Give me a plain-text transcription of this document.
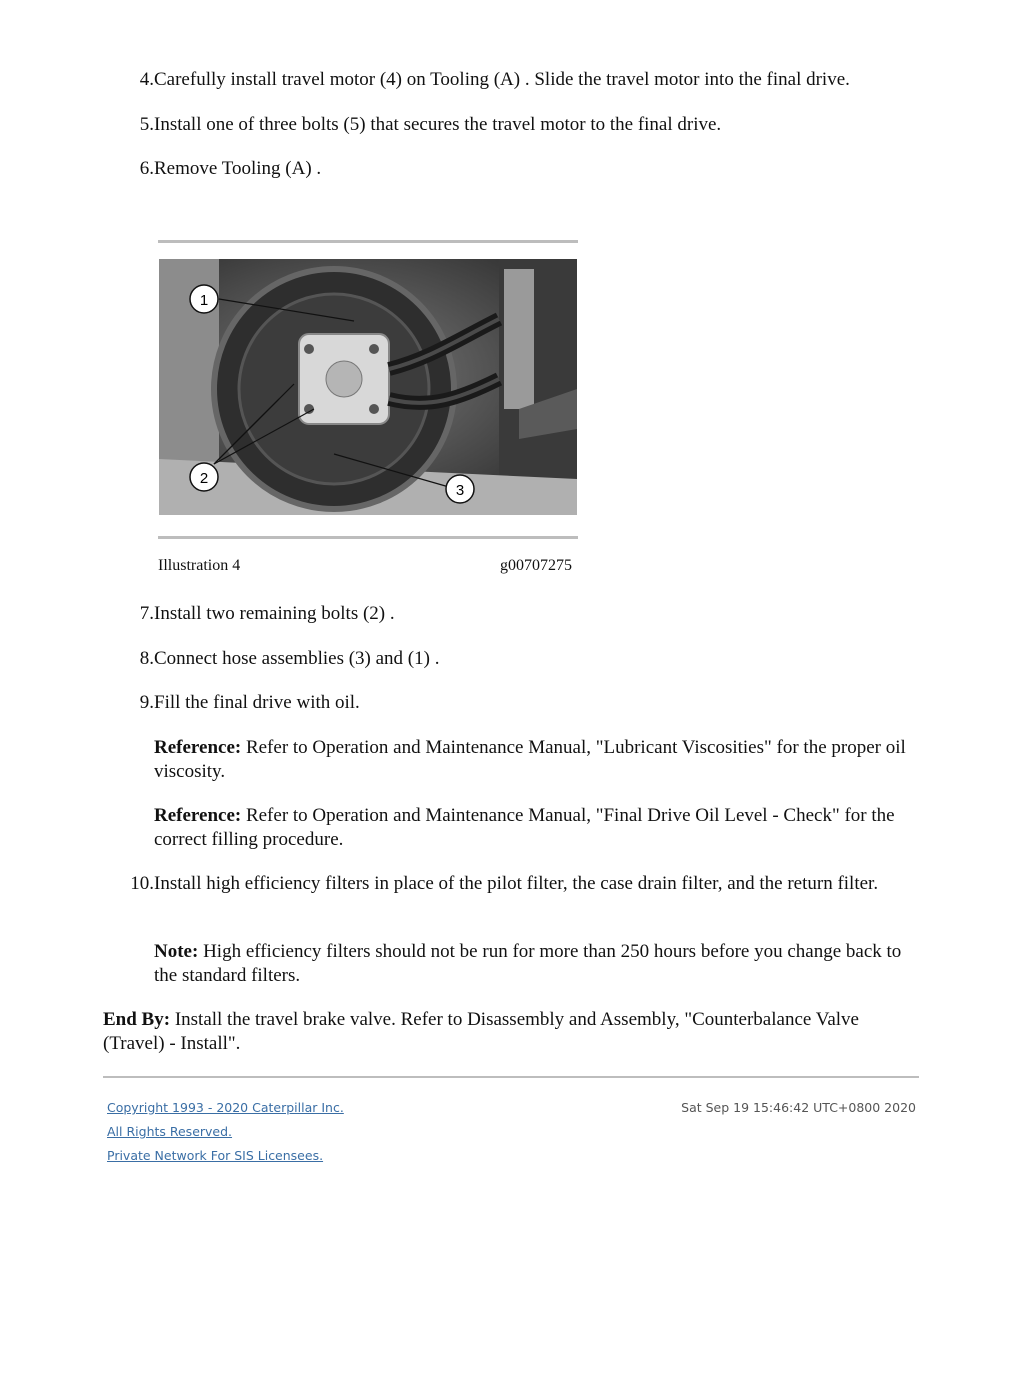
4. Carefully install travel motor (4) on Tooling (A) . Slide the travel motor into the final drive.
5. Install one of three bolts (5) that secures the travel motor to the final drive.
6. Remove Tooling (A) .
1
2
3
Illustration 4	g00707275
7. Install two remaining bolts (2) .
8. Connect hose assemblies (3) and (1) .
9. Fill the final drive with oil.
Reference: Refer to Operation and Maintenance Manual, "Lubricant Viscosities" for the proper oil viscosity.
Reference: Refer to Operation and Maintenance Manual, "Final Drive Oil Level - Check" for the correct filling procedure.
10. Install high efficiency filters in place of the pilot filter, the case drain filter, and the return filter.
Note: High efficiency filters should not be run for more than 250 hours before you change back to the standard filters.
End By: Install the travel brake valve. Refer to Disassembly and Assembly, "Counterbalance Valve (Travel) - Install".
Copyright 1993 - 2020 Caterpillar Inc.
All Rights Reserved.
Private Network For SIS Licensees.
Sat Sep 19 15:46:42 UTC+0800 2020
